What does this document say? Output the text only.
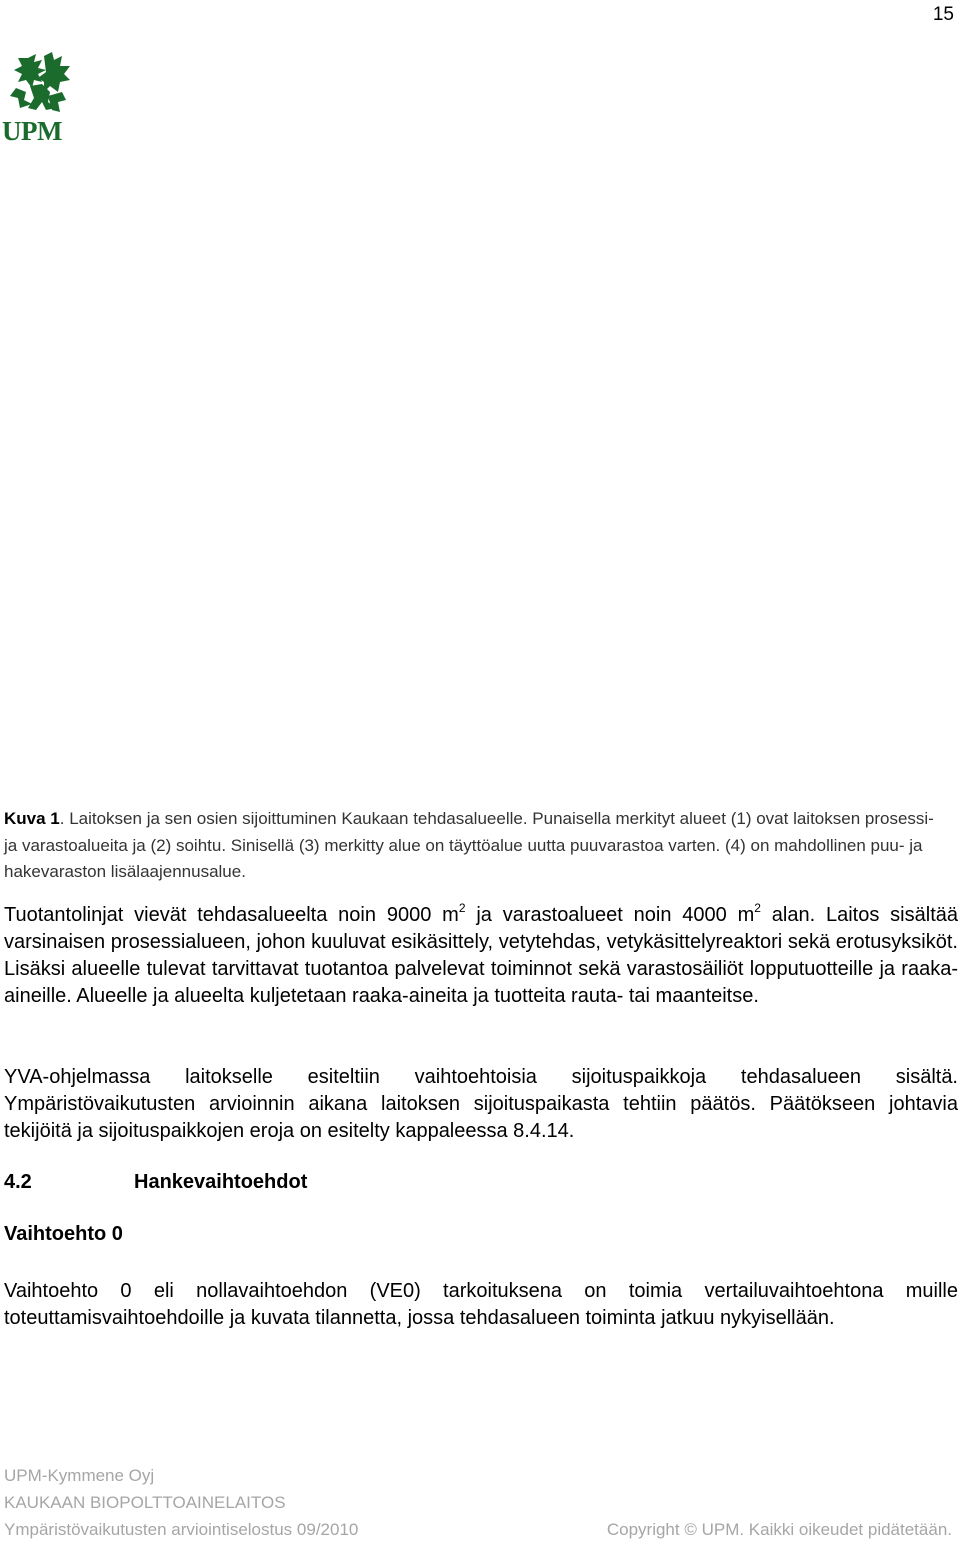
15
UPM
Kuva 1. Laitoksen ja sen osien sijoittuminen Kaukaan tehdasalueelle. Punaisella merkityt alueet (1) ovat laitoksen prosessi- ja varastoalueita ja (2) soihtu. Sinisellä (3) merkitty alue on täyttöalue uutta puuvarastoa varten. (4) on mahdollinen puu- ja hakevaraston lisälaajennusalue.
Tuotantolinjat vievät tehdasalueelta noin 9000 $m^2$ ja varastoalueet noin 4000 $m^2$ alan. Laitos sisältää varsinaisen prosessialueen, johon kuuluvat esikäsittely, vetytehdas, vetykäsittelyreaktori sekä erotusyksiköt. Lisäksi alueelle tulevat tarvittavat tuotantoa palvelevat toiminnot sekä varastosäiliöt lopputuotteille ja raaka-aineille. Alueelle ja alueelta kuljetetaan raaka-aineita ja tuotteita rauta- tai maanteitse.
YVA-ohjelmassa laitokselle esiteltiin vaihtoehtoisia sijoituspaikkoja tehdasalueen sisältä. Ympäristövaikutusten arvioinnin aikana laitoksen sijoituspaikasta tehtiin päätös. Päätökseen johtavia tekijöitä ja sijoituspaikkojen eroja on esitelty kappaleessa 8.4.14.
4.2	Hankevaihtoehdot
Vaihtoehto 0
Vaihtoehto 0 eli nollavaihtoehdon (VE0) tarkoituksena on toimia vertailuvaihtoehtona muille toteuttamisvaihtoehdoille ja kuvata tilannetta, jossa tehdasalueen toiminta jatkuu nykyisellään.
UPM-Kymmene Oyj
KAUKAAN BIOPOLTTOAINELAITOS
Ympäristövaikutusten arviointiselostus 09/2010	Copyright © UPM. Kaikki oikeudet pidätetään.
